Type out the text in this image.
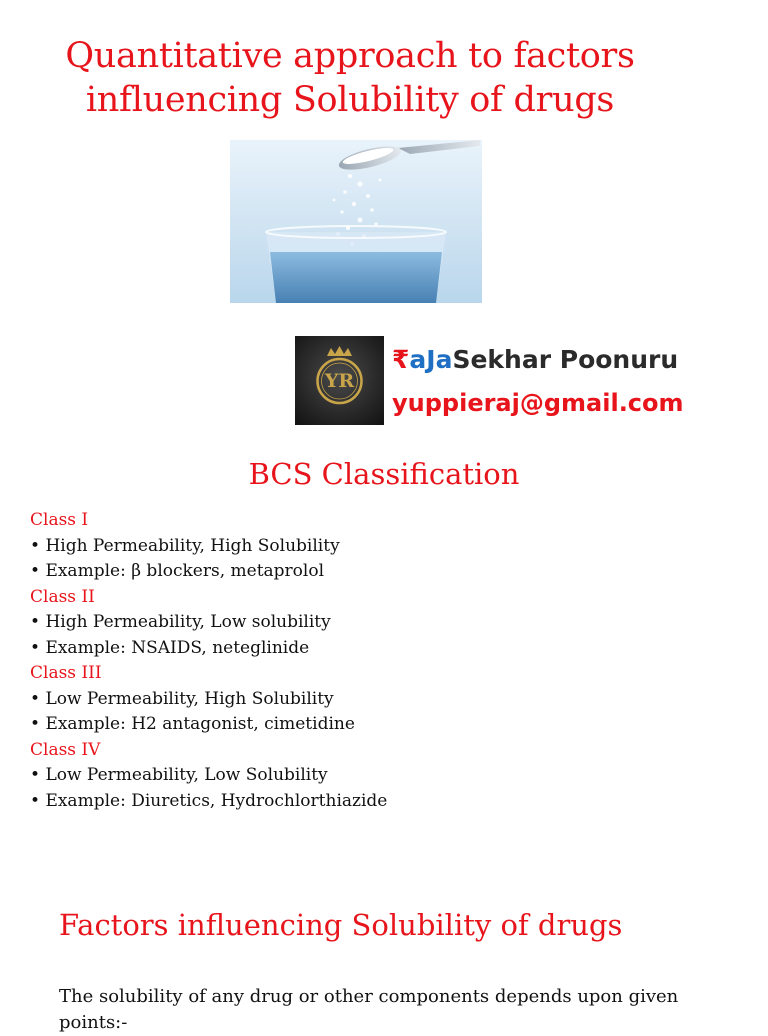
Quantitative approach to factors
influencing Solubility of drugs
YR
₹aJaSekhar Poonuru
yuppieraj@gmail.com
BCS Classification
Class I
• High Permeability, High Solubility
• Example: β blockers, metaprolol
Class II
• High Permeability, Low solubility
• Example: NSAIDS, neteglinide
Class III
• Low Permeability, High Solubility
• Example: H2 antagonist, cimetidine
Class IV
• Low Permeability, Low Solubility
• Example: Diuretics, Hydrochlorthiazide
Factors influencing Solubility of drugs
The solubility of any drug or other components depends upon given points:-
